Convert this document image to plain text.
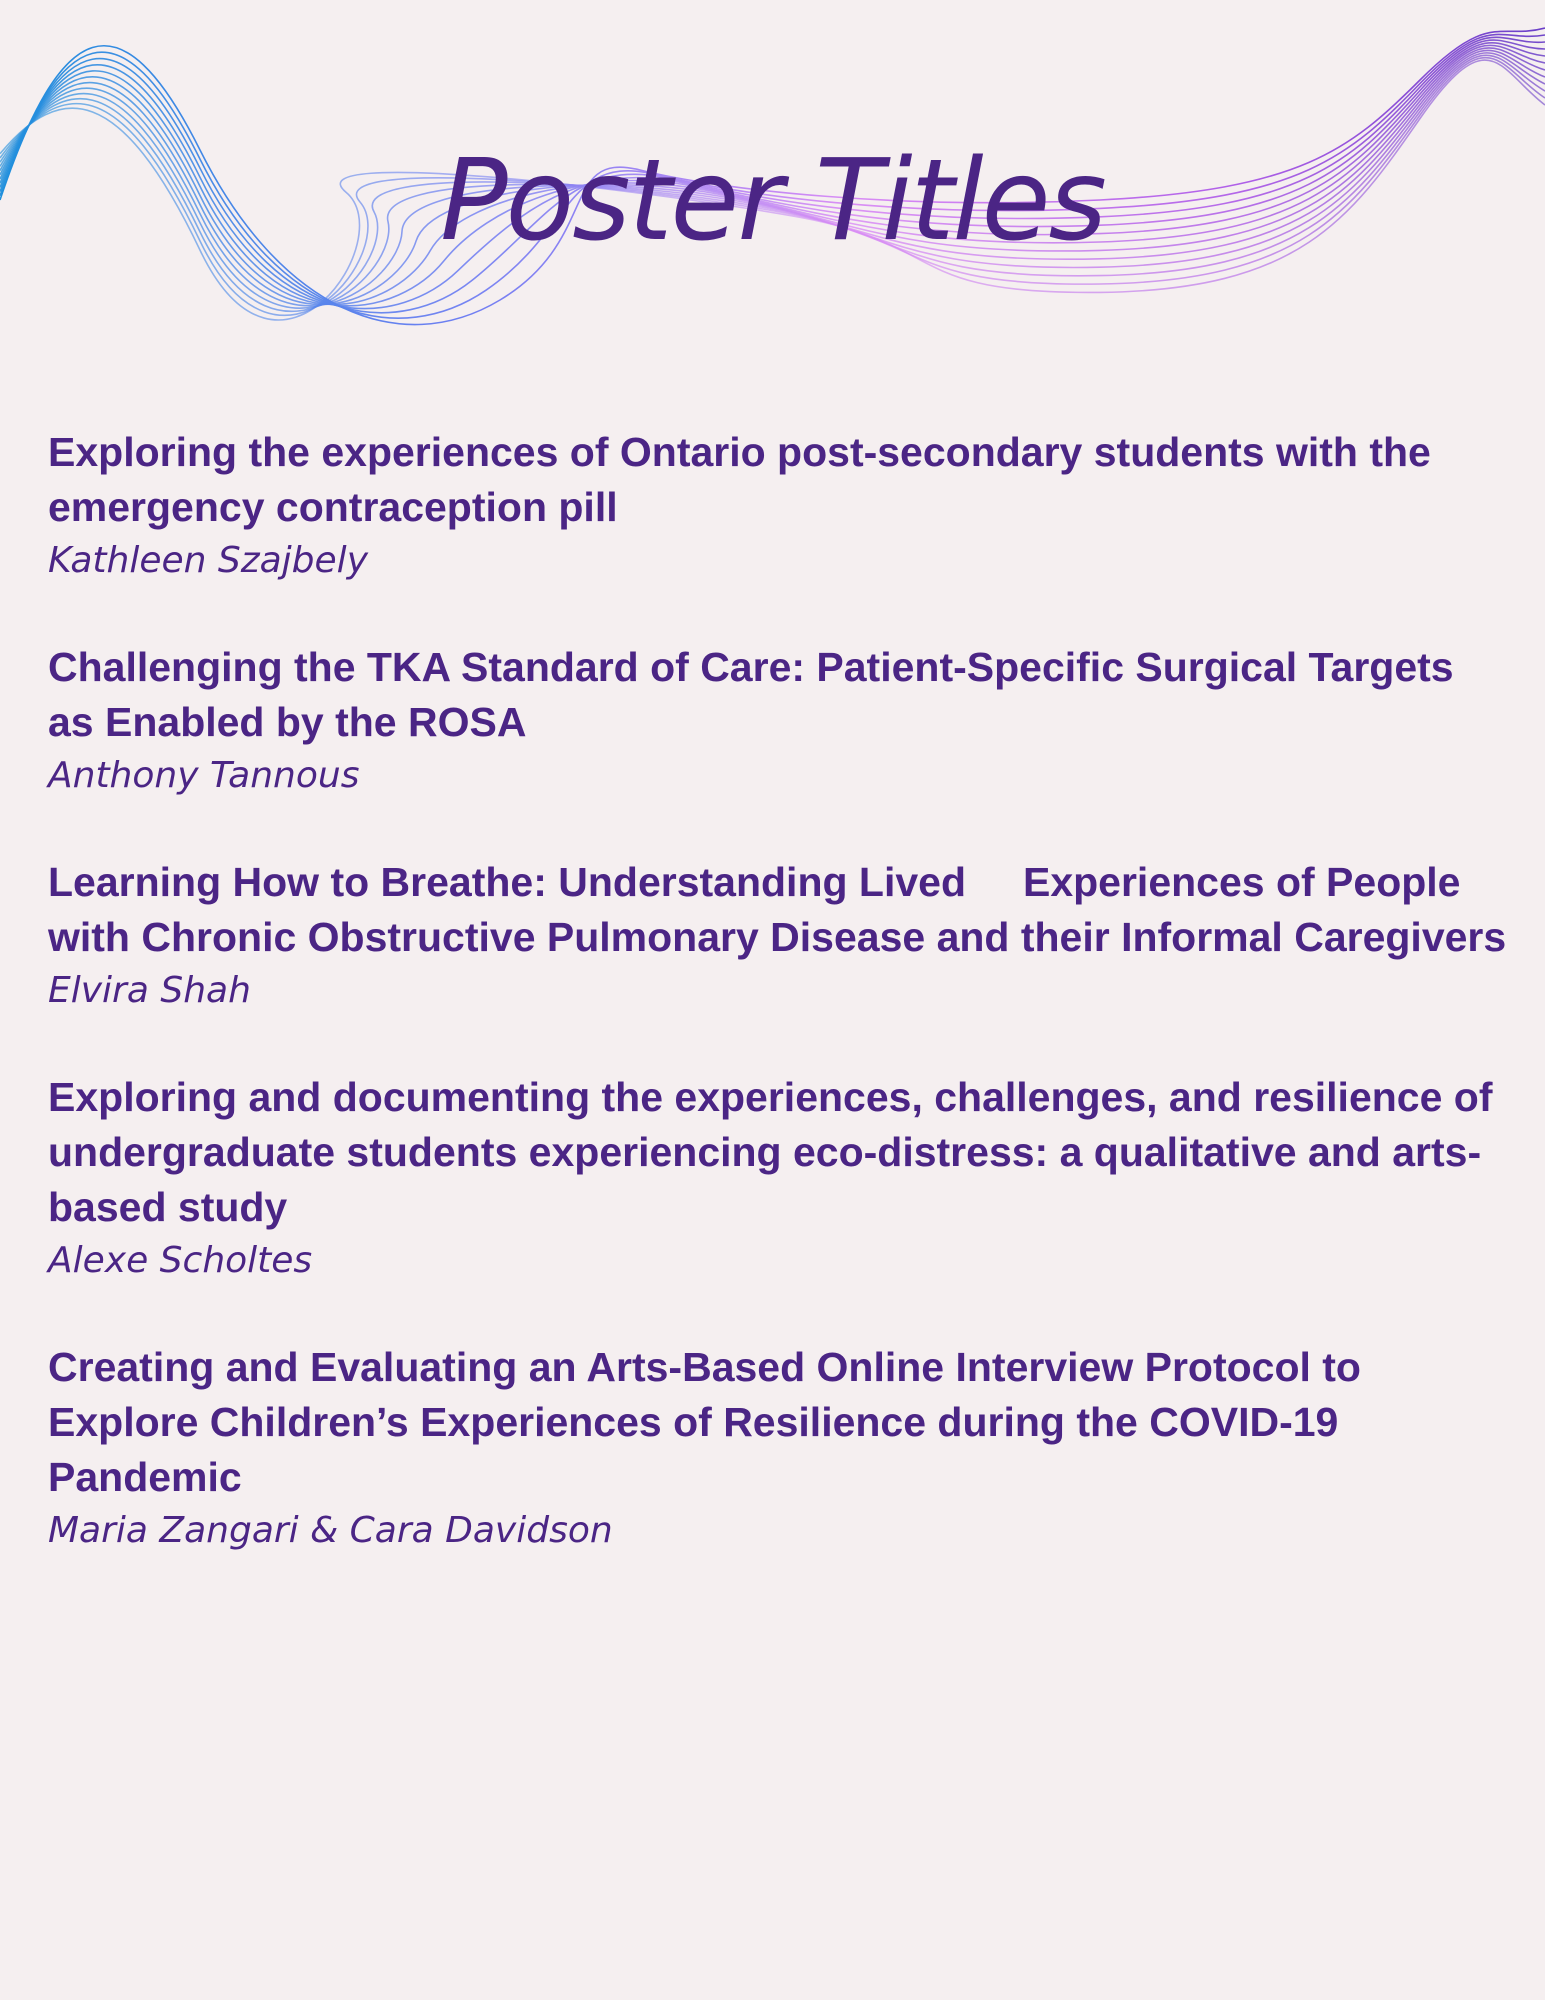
Poster Titles

Exploring the experiences of Ontario post-secondary students with the emergency contraception pill

Kathleen Szajbely

Challenging the TKA Standard of Care: Patient-Specific Surgical Targets as Enabled by the ROSA

Anthony Tannous

Learning How to Breathe: Understanding Lived     Experiences of People with Chronic Obstructive Pulmonary Disease and their Informal Caregivers

Elvira Shah

Exploring and documenting the experiences, challenges, and resilience of undergraduate students experiencing eco-distress: a qualitative and arts-based study

Alexe Scholtes

Creating and Evaluating an Arts-Based Online Interview Protocol to Explore Children’s Experiences of Resilience during the COVID-19 Pandemic

Maria Zangari & Cara Davidson
